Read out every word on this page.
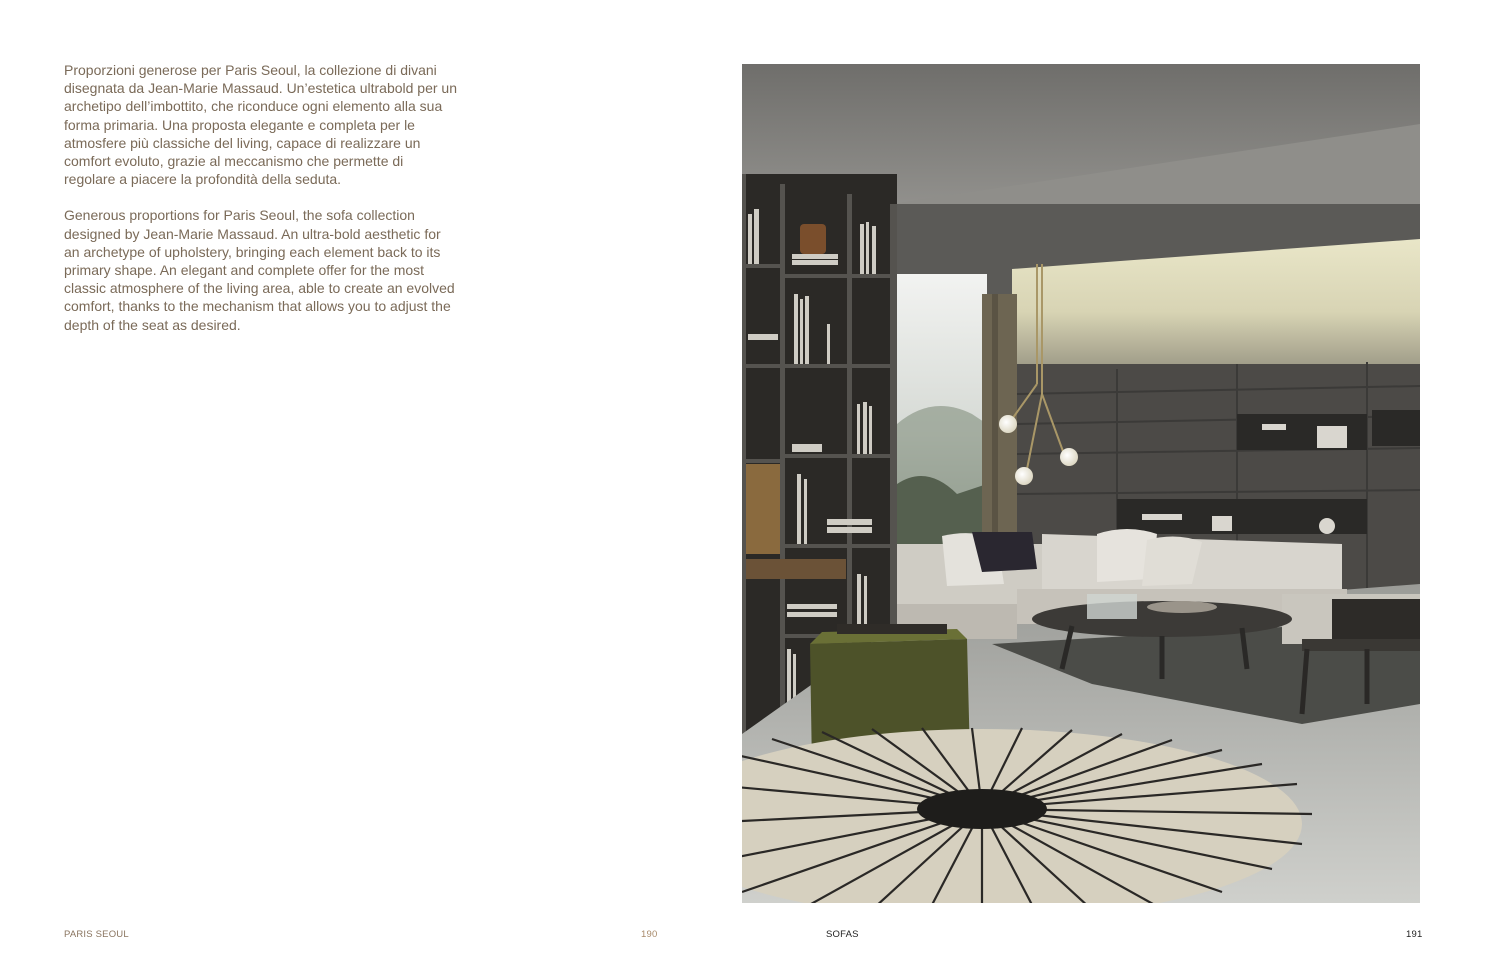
Proporzioni generose per Paris Seoul, la collezione di divani disegnata da Jean-Marie Massaud. Un’estetica ultrabold per un archetipo dell’imbottito, che riconduce ogni elemento alla sua forma primaria. Una proposta elegante e completa per le atmosfere più classiche del living, capace di realizzare un comfort evoluto, grazie al meccanismo che permette di regolare a piacere la profondità della seduta.

Generous proportions for Paris Seoul, the sofa collection designed by Jean-Marie Massaud. An ultra-bold aesthetic for an archetype of upholstery, bringing each element back to its primary shape. An elegant and complete offer for the most classic atmosphere of the living area, able to create an evolved comfort, thanks to the mechanism that allows you to adjust the depth of the seat as desired.

PARIS SEOUL	190	SOFAS	191
